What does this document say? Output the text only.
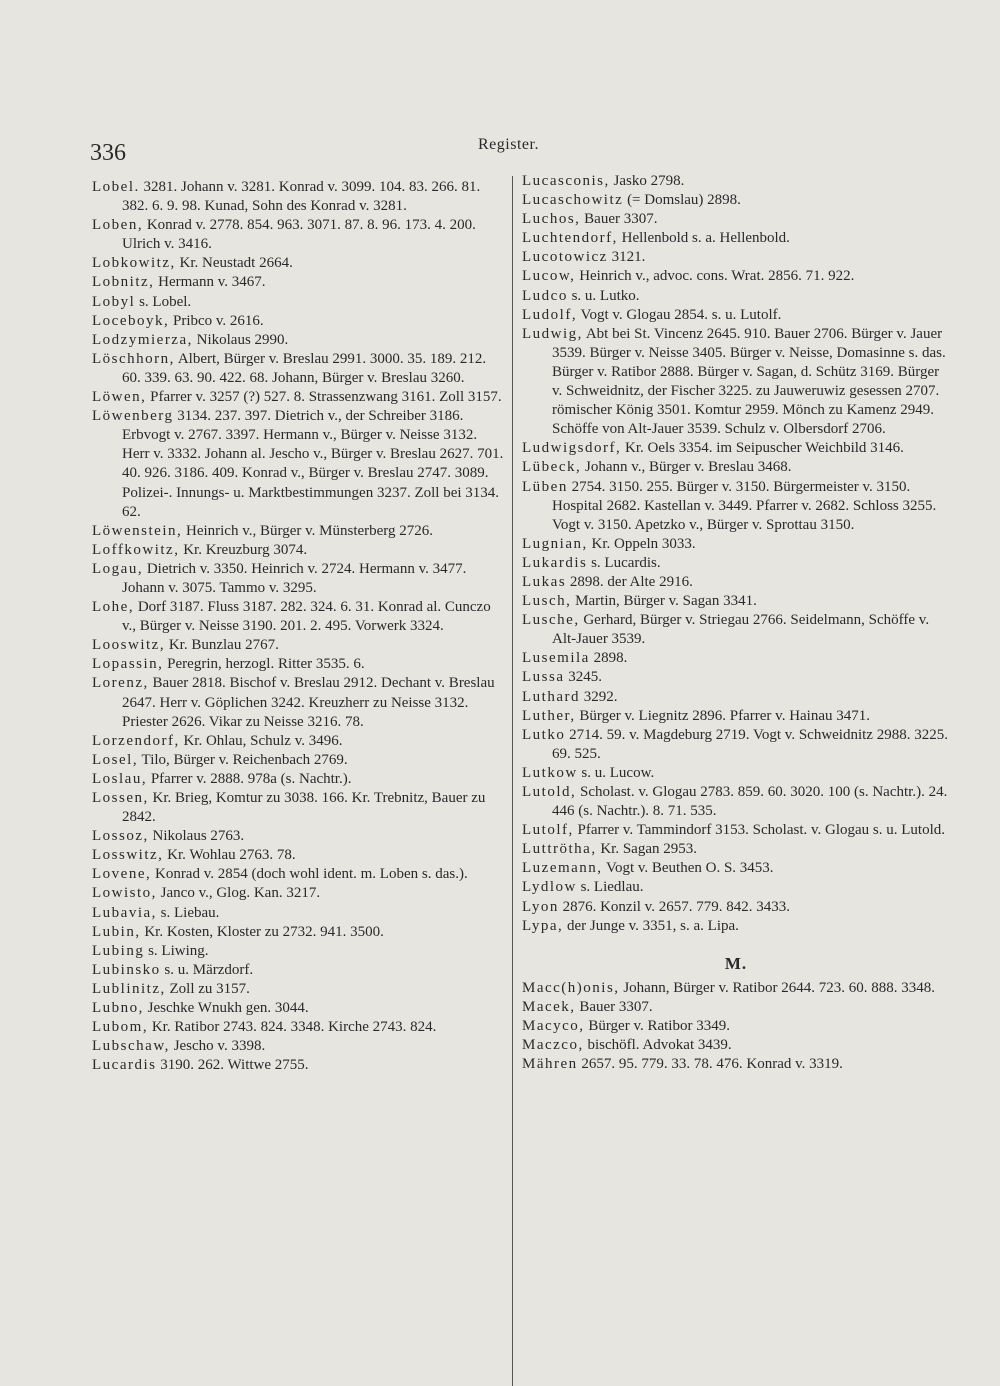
336	Register.

Lobel. 3281. Johann v. 3281. Konrad v. 3099. 104. 83. 266. 81. 382. 6. 9. 98. Kunad, Sohn des Konrad v. 3281.

Loben, Konrad v. 2778. 854. 963. 3071. 87. 8. 96. 173. 4. 200. Ulrich v. 3416.

Lobkowitz, Kr. Neustadt 2664.

Lobnitz, Hermann v. 3467.

Lobyl s. Lobel.

Loceboyk, Pribco v. 2616.

Lodzymierza, Nikolaus 2990.

Löschhorn, Albert, Bürger v. Breslau 2991. 3000. 35. 189. 212. 60. 339. 63. 90. 422. 68. Johann, Bürger v. Breslau 3260.

Löwen, Pfarrer v. 3257 (?) 527. 8. Strassenzwang 3161. Zoll 3157.

Löwenberg 3134. 237. 397. Dietrich v., der Schreiber 3186. Erbvogt v. 2767. 3397. Hermann v., Bürger v. Neisse 3132. Herr v. 3332. Johann al. Jescho v., Bürger v. Breslau 2627. 701. 40. 926. 3186. 409. Konrad v., Bürger v. Breslau 2747. 3089. Polizei-. Innungs- u. Marktbestimmungen 3237. Zoll bei 3134. 62.

Löwenstein, Heinrich v., Bürger v. Münsterberg 2726.

Loffkowitz, Kr. Kreuzburg 3074.

Logau, Dietrich v. 3350. Heinrich v. 2724. Hermann v. 3477. Johann v. 3075. Tammo v. 3295.

Lohe, Dorf 3187. Fluss 3187. 282. 324. 6. 31. Konrad al. Cunczo v., Bürger v. Neisse 3190. 201. 2. 495. Vorwerk 3324.

Looswitz, Kr. Bunzlau 2767.

Lopassin, Peregrin, herzogl. Ritter 3535. 6.

Lorenz, Bauer 2818. Bischof v. Breslau 2912. Dechant v. Breslau 2647. Herr v. Göplichen 3242. Kreuzherr zu Neisse 3132. Priester 2626. Vikar zu Neisse 3216. 78.

Lorzendorf, Kr. Ohlau, Schulz v. 3496.

Losel, Tilo, Bürger v. Reichenbach 2769.

Loslau, Pfarrer v. 2888. 978a (s. Nachtr.).

Lossen, Kr. Brieg, Komtur zu 3038. 166. Kr. Trebnitz, Bauer zu 2842.

Lossoz, Nikolaus 2763.

Losswitz, Kr. Wohlau 2763. 78.

Lovene, Konrad v. 2854 (doch wohl ident. m. Loben s. das.).

Lowisto, Janco v., Glog. Kan. 3217.

Lubavia, s. Liebau.

Lubin, Kr. Kosten, Kloster zu 2732. 941. 3500.

Lubing s. Liwing.

Lubinsko s. u. Märzdorf.

Lublinitz, Zoll zu 3157.

Lubno, Jeschke Wnukh gen. 3044.

Lubom, Kr. Ratibor 2743. 824. 3348. Kirche 2743. 824.

Lubschaw, Jescho v. 3398.

Lucardis 3190. 262. Wittwe 2755.

Lucasconis, Jasko 2798.

Lucaschowitz (= Domslau) 2898.

Luchos, Bauer 3307.

Luchtendorf, Hellenbold s. a. Hellenbold.

Lucotowicz 3121.

Lucow, Heinrich v., advoc. cons. Wrat. 2856. 71. 922.

Ludco s. u. Lutko.

Ludolf, Vogt v. Glogau 2854. s. u. Lutolf.

Ludwig, Abt bei St. Vincenz 2645. 910. Bauer 2706. Bürger v. Jauer 3539. Bürger v. Neisse 3405. Bürger v. Neisse, Domasinne s. das. Bürger v. Ratibor 2888. Bürger v. Sagan, d. Schütz 3169. Bürger v. Schweidnitz, der Fischer 3225. zu Jauweruwiz gesessen 2707. römischer König 3501. Komtur 2959. Mönch zu Kamenz 2949. Schöffe von Alt-Jauer 3539. Schulz v. Olbersdorf 2706.

Ludwigsdorf, Kr. Oels 3354. im Seipuscher Weichbild 3146.

Lübeck, Johann v., Bürger v. Breslau 3468.

Lüben 2754. 3150. 255. Bürger v. 3150. Bürgermeister v. 3150. Hospital 2682. Kastellan v. 3449. Pfarrer v. 2682. Schloss 3255. Vogt v. 3150. Apetzko v., Bürger v. Sprottau 3150.

Lugnian, Kr. Oppeln 3033.

Lukardis s. Lucardis.

Lukas 2898. der Alte 2916.

Lusch, Martin, Bürger v. Sagan 3341.

Lusche, Gerhard, Bürger v. Striegau 2766. Seidelmann, Schöffe v. Alt-Jauer 3539.

Lusemila 2898.

Lussa 3245.

Luthard 3292.

Luther, Bürger v. Liegnitz 2896. Pfarrer v. Hainau 3471.

Lutko 2714. 59. v. Magdeburg 2719. Vogt v. Schweidnitz 2988. 3225. 69. 525.

Lutkow s. u. Lucow.

Lutold, Scholast. v. Glogau 2783. 859. 60. 3020. 100 (s. Nachtr.). 24. 446 (s. Nachtr.). 8. 71. 535.

Lutolf, Pfarrer v. Tammindorf 3153. Scholast. v. Glogau s. u. Lutold.

Luttrötha, Kr. Sagan 2953.

Luzemann, Vogt v. Beuthen O. S. 3453.

Lydlow s. Liedlau.

Lyon 2876. Konzil v. 2657. 779. 842. 3433.

Lypa, der Junge v. 3351, s. a. Lipa.

M.

Macc(h)onis, Johann, Bürger v. Ratibor 2644. 723. 60. 888. 3348.

Macek, Bauer 3307.

Macyco, Bürger v. Ratibor 3349.

Maczco, bischöfl. Advokat 3439.

Mähren 2657. 95. 779. 33. 78. 476. Konrad v. 3319.
